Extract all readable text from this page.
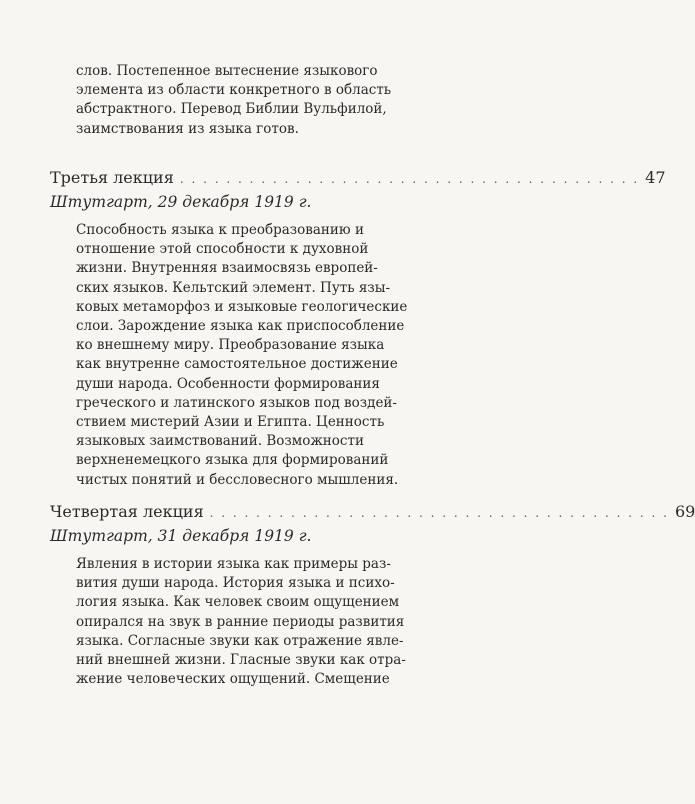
слов. Постепенное вытеснение языкового
элемента из области конкретного в область
абстрактного. Перевод Библии Вульфилой,
заимствования из языка готов.
Третья лекция . . . . . . . . . . . . . . . . . . . . . . . . . . . . . . . . . . . . . . . . 47
Штутгарт, 29 декабря 1919 г.
Способность языка к преобразованию и
отношение этой способности к духовной
жизни. Внутренняя взаимосвязь европей-
ских языков. Кельтский элемент. Путь язы-
ковых метаморфоз и языковые геологические
слои. Зарождение языка как приспособление
ко внешнему миру. Преобразование языка
как внутренне самостоятельное достижение
души народа. Особенности формирования
греческого и латинского языков под воздей-
ствием мистерий Азии и Египта. Ценность
языковых заимствований. Возможности
верхненемецкого языка для формирований
чистых понятий и бессловесного мышления.
Четвертая лекция . . . . . . . . . . . . . . . . . . . . . . . . . . . . . . . . . . . . . . . . 69
Штутгарт, 31 декабря 1919 г.
Явления в истории языка как примеры раз-
вития души народа. История языка и психо-
логия языка. Как человек своим ощущением
опирался на звук в ранние периоды развития
языка. Согласные звуки как отражение явле-
ний внешней жизни. Гласные звуки как отра-
жение человеческих ощущений. Смещение
